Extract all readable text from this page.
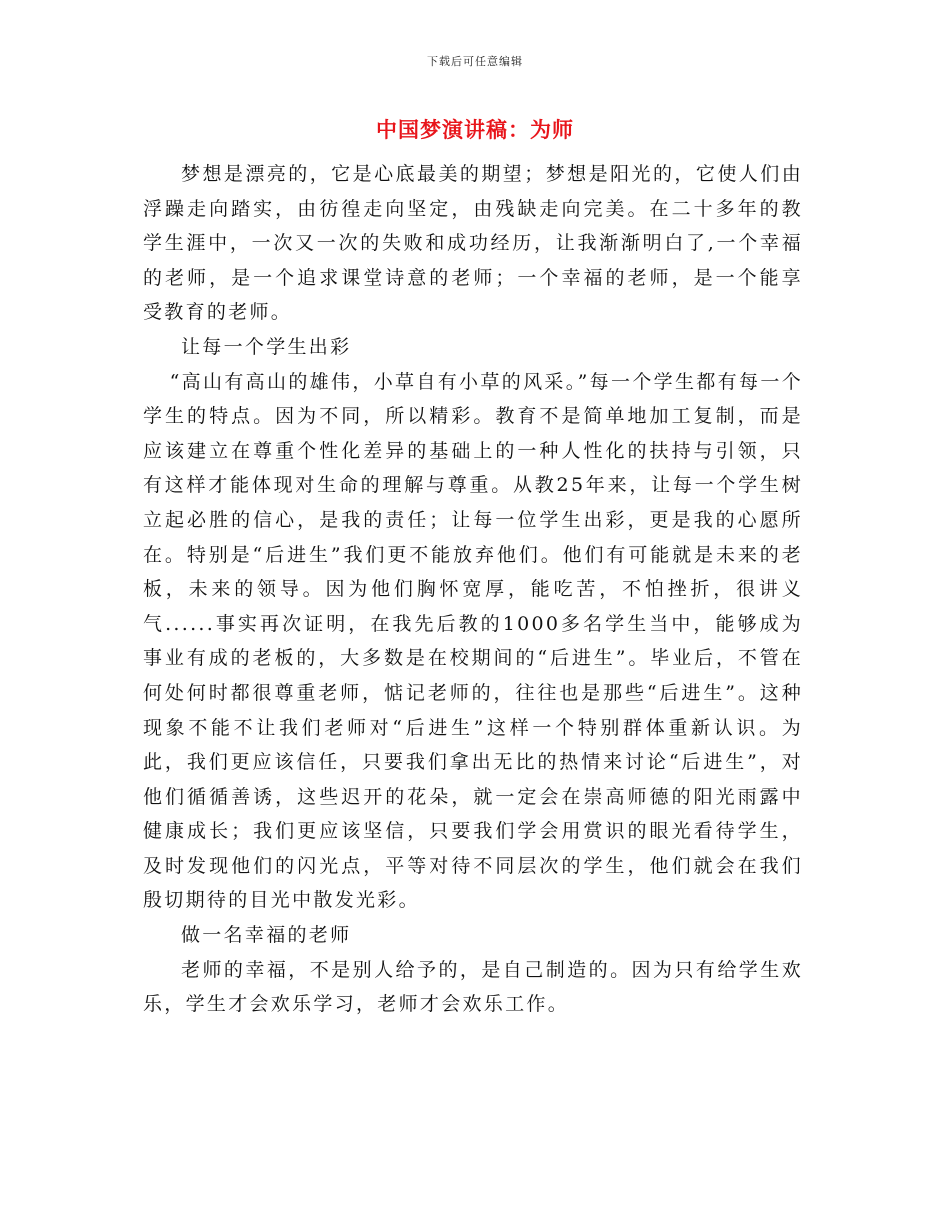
下载后可任意编辑
中国梦演讲稿：为师

梦想是漂亮的，它是心底最美的期望；梦想是阳光的，它使人们由浮躁走向踏实，由彷徨走向坚定，由残缺走向完美。在二十多年的教学生涯中，一次又一次的失败和成功经历，让我渐渐明白了,一个幸福的老师，是一个追求课堂诗意的老师；一个幸福的老师，是一个能享受教育的老师。

让每一个学生出彩

“高山有高山的雄伟，小草自有小草的风采。”每一个学生都有每一个学生的特点。因为不同，所以精彩。教育不是简单地加工复制，而是应该建立在尊重个性化差异的基础上的一种人性化的扶持与引领，只有这样才能体现对生命的理解与尊重。从教25年来，让每一个学生树立起必胜的信心，是我的责任；让每一位学生出彩，更是我的心愿所在。特别是“后进生”我们更不能放弃他们。他们有可能就是未来的老板，未来的领导。因为他们胸怀宽厚，能吃苦，不怕挫折，很讲义气......事实再次证明，在我先后教的1000多名学生当中，能够成为事业有成的老板的，大多数是在校期间的“后进生”。毕业后，不管在何处何时都很尊重老师，惦记老师的，往往也是那些“后进生”。这种现象不能不让我们老师对“后进生”这样一个特别群体重新认识。为此，我们更应该信任，只要我们拿出无比的热情来讨论“后进生”，对他们循循善诱，这些迟开的花朵，就一定会在崇高师德的阳光雨露中健康成长；我们更应该坚信，只要我们学会用赏识的眼光看待学生，及时发现他们的闪光点，平等对待不同层次的学生，他们就会在我们殷切期待的目光中散发光彩。

做一名幸福的老师

老师的幸福，不是别人给予的，是自己制造的。因为只有给学生欢乐，学生才会欢乐学习，老师才会欢乐工作。
